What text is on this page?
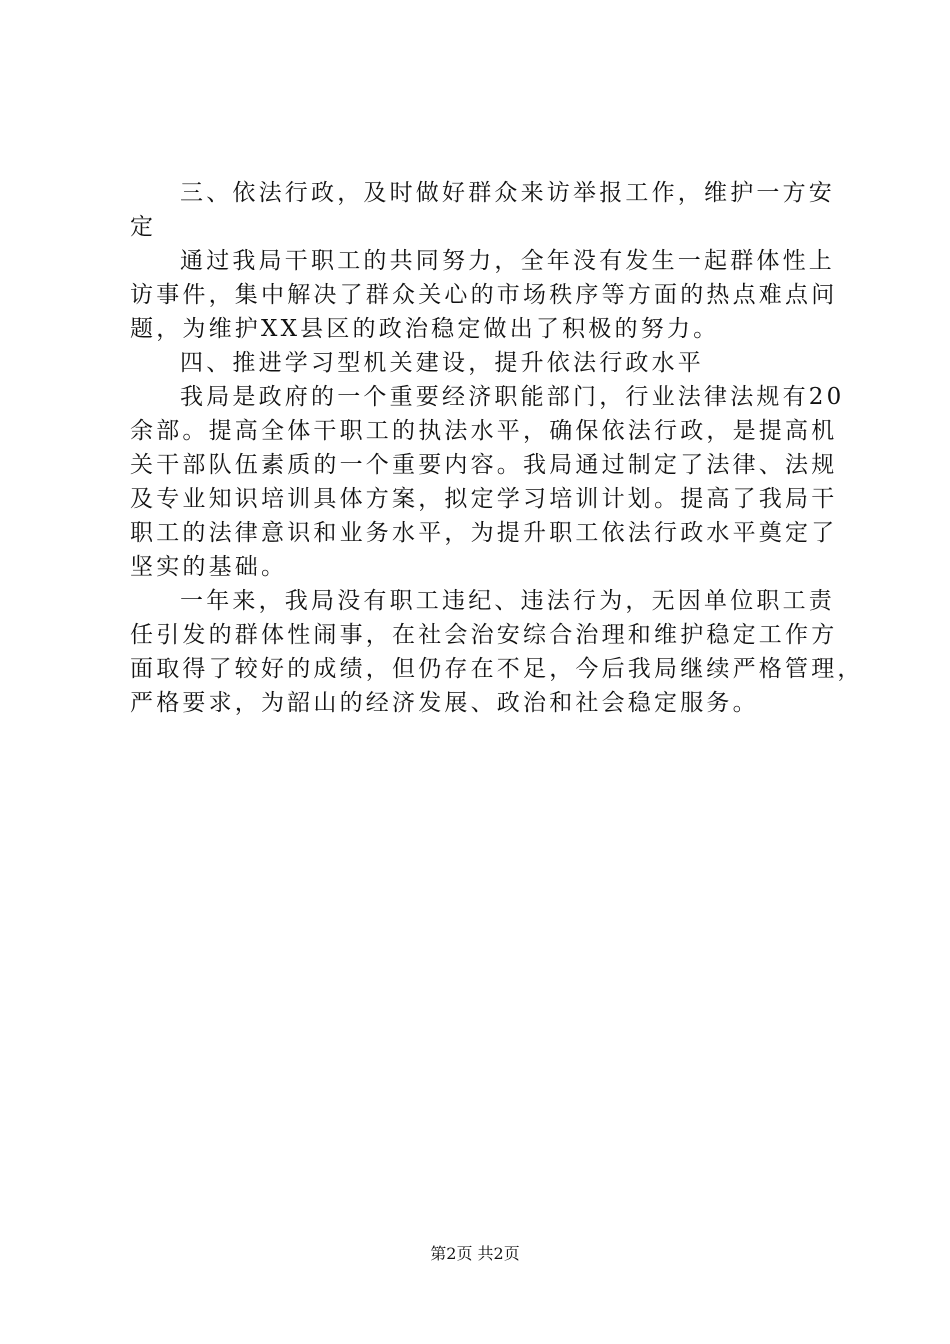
三、依法行政，及时做好群众来访举报工作，维护一方安
定
通过我局干职工的共同努力，全年没有发生一起群体性上
访事件，集中解决了群众关心的市场秩序等方面的热点难点问
题，为维护XX县区的政治稳定做出了积极的努力。
四、推进学习型机关建设，提升依法行政水平
我局是政府的一个重要经济职能部门，行业法律法规有20
余部。提高全体干职工的执法水平，确保依法行政，是提高机
关干部队伍素质的一个重要内容。我局通过制定了法律、法规
及专业知识培训具体方案，拟定学习培训计划。提高了我局干
职工的法律意识和业务水平，为提升职工依法行政水平奠定了
坚实的基础。
一年来，我局没有职工违纪、违法行为，无因单位职工责
任引发的群体性闹事，在社会治安综合治理和维护稳定工作方
面取得了较好的成绩，但仍存在不足，今后我局继续严格管理，
严格要求，为韶山的经济发展、政治和社会稳定服务。
第2页 共2页
